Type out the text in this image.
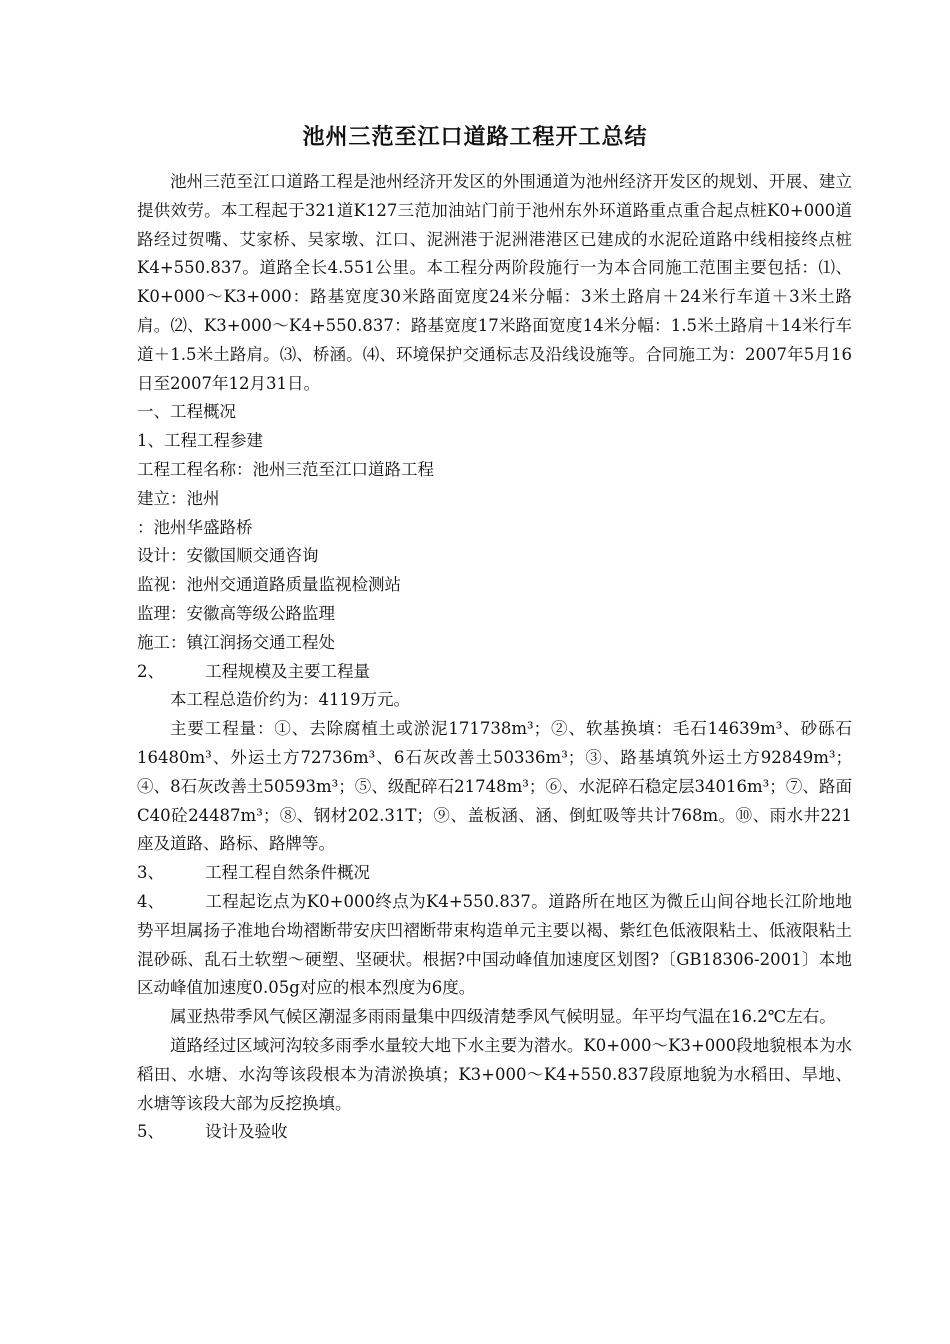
池州三范至江口道路工程开工总结

池州三范至江口道路工程是池州经济开发区的外围通道为池州经济开发区的规划、开展、建立提供效劳。本工程起于321道K127三范加油站门前于池州东外环道路重点重合起点桩K0+000道路经过贺嘴、艾家桥、吴家墩、江口、泥洲港于泥洲港港区已建成的水泥砼道路中线相接终点桩K4+550.837。道路全长4.551公里。本工程分两阶段施行一为本合同施工范围主要包括：⑴、K0+000～K3+000：路基宽度30米路面宽度24米分幅：3米土路肩＋24米行车道＋3米土路肩。⑵、K3+000～K4+550.837：路基宽度17米路面宽度14米分幅：1.5米土路肩＋14米行车道＋1.5米土路肩。⑶、桥涵。⑷、环境保护交通标志及沿线设施等。合同施工为：2007年5月16日至2007年12月31日。

一、工程概况

1、工程工程参建

工程工程名称：池州三范至江口道路工程

建立：池州

：池州华盛路桥

设计：安徽国顺交通咨询

监视：池州交通道路质量监视检测站

监理：安徽高等级公路监理

施工：镇江润扬交通工程处

2、 工程规模及主要工程量

本工程总造价约为：4119万元。

主要工程量：①、去除腐植土或淤泥171738m³；②、软基换填：毛石14639m³、砂砾石16480m³、外运土方72736m³、6石灰改善土50336m³；③、路基填筑外运土方92849m³；④、8石灰改善土50593m³；⑤、级配碎石21748m³；⑥、水泥碎石稳定层34016m³；⑦、路面C40砼24487m³；⑧、钢材202.31T；⑨、盖板涵、涵、倒虹吸等共计768m。⑩、雨水井221座及道路、路标、路牌等。

3、 工程工程自然条件概况

4、 工程起讫点为K0+000终点为K4+550.837。道路所在地区为微丘山间谷地长江阶地地势平坦属扬子准地台坳褶断带安庆凹褶断带束构造单元主要以褐、紫红色低液限粘土、低液限粘土混砂砾、乱石土软塑～硬塑、坚硬状。根据?中国动峰值加速度区划图?〔GB18306-2001〕本地区动峰值加速度0.05g对应的根本烈度为6度。

属亚热带季风气候区潮湿多雨雨量集中四级清楚季风气候明显。年平均气温在16.2℃左右。

道路经过区域河沟较多雨季水量较大地下水主要为潜水。K0+000～K3+000段地貌根本为水稻田、水塘、水沟等该段根本为清淤换填；K3+000～K4+550.837段原地貌为水稻田、旱地、水塘等该段大部为反挖换填。

5、 设计及验收
